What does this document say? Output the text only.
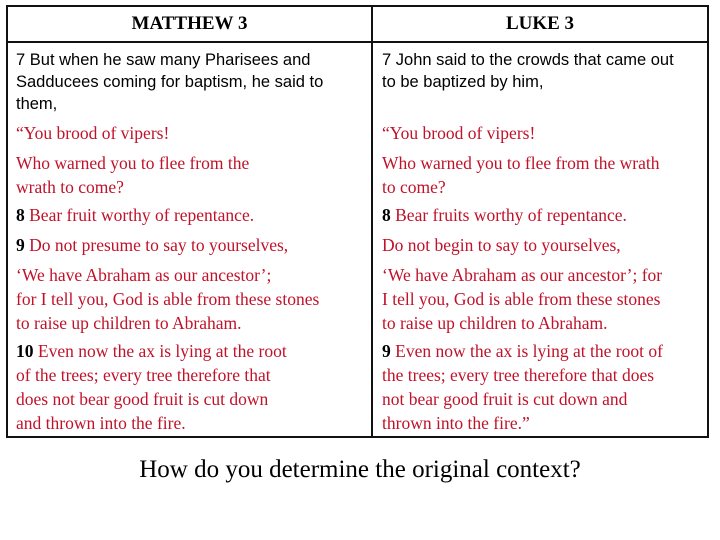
MATTHEW 3	LUKE 3
7 But when he saw many Pharisees and
Sadducees coming for baptism, he said to
them,
“You brood of vipers!
Who warned you to flee from the
wrath to come?
8 Bear fruit worthy of repentance.
9 Do not presume to say to yourselves,
‘We have Abraham as our ancestor’;
for I tell you, God is able from these stones
to raise up children to Abraham.
10 Even now the ax is lying at the root
of the trees; every tree therefore that
does not bear good fruit is cut down
and thrown into the fire.
7 John said to the crowds that came out
to be baptized by him,
“You brood of vipers!
Who warned you to flee from the wrath
to come?
8 Bear fruits worthy of repentance.
Do not begin to say to yourselves,
‘We have Abraham as our ancestor’; for
I tell you, God is able from these stones
to raise up children to Abraham.
9 Even now the ax is lying at the root of
the trees; every tree therefore that does
not bear good fruit is cut down and
thrown into the fire.”
How do you determine the original context?
